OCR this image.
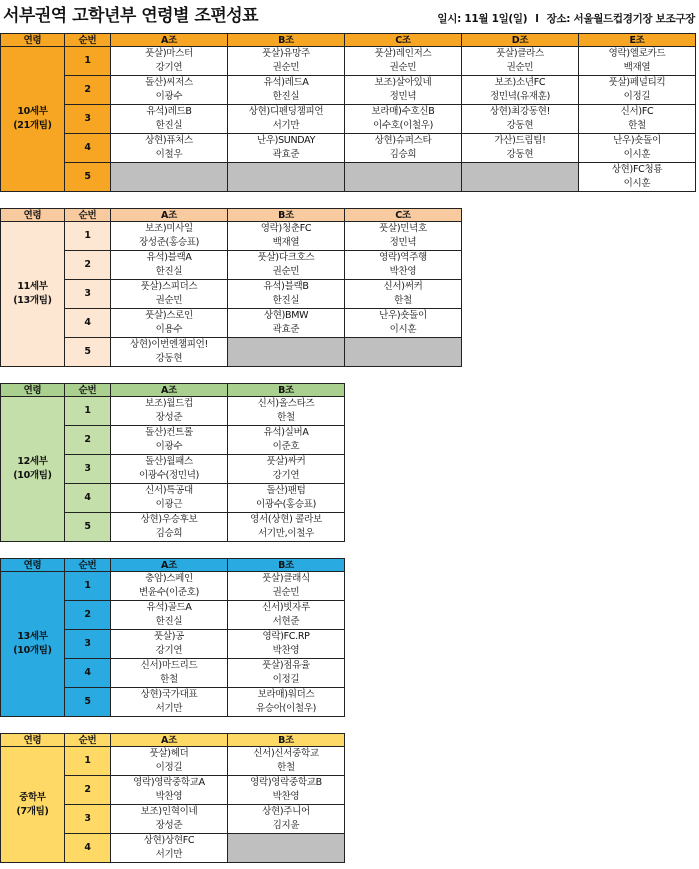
서부권역 고학년부 연령별 조편성표	일시: 11월 1일(일) l 장소: 서울월드컵경기장 보조구장
연령	순번	A조	B조	C조	D조	E조

10세부
(21개팀)	1	풋살)마스터	풋살)유망주	풋살)레인저스	풋살)클라스	영락)엘로카드
		강기연	권순민	권순민	권순민	백재열
	2	돌산)씨저스	유석)레드A	보조)살아있네	보조)소년FC	풋살)페널티킥
		이광수	한진실	정민녁	정민녁(유재훈)	이정길
	3	유석)레드B	상현)디펜딩챔피언	보라매)수호신B	상현)최강동현!	신서)FC
		한진실	서기만	이수호(이철우)	강동현	한철
	4	상현)퓨처스	난우)SUNDAY	상현)슈퍼스타	가산)드림팀!	난우)숏돌이
		이철우	곽효준	김승희	강동현	이시훈
	5					상현)FC청룡
						이시훈
연령	순번	A조	B조	C조

11세부
(13개팀)	1	보조)미사일	영락)청춘FC	풋살)민녁호
		장성준(홍승표)	백재열	정민녁
	2	유석)블랙A	풋살)다크호스	영락)역주행
		한진실	권순민	박찬영
	3	풋살)스피더스	유석)블랙B	신서)써커
		권순민	한진실	한철
	4	풋살)스로인	상현)BMW	난우)숏돌이
		이용수	곽효준	이시훈
	5	상현)이번엔챔피언!		
		강동현		
연령	순번	A조	B조

12세부
(10개팀)	1	보조)월드컵	신서)올스타즈
		장성준	한철
	2	돌산)컨트롤	유석)실버A
		이광수	이준호
	3	돌산)월패스	풋살)싸커
		이광수(정민녁)	강기연
	4	신서)특공대	돌산)팬텀
		이광근	이광수(홍승표)
	5	상현)우승후보	영서(상현) 콜라보
		김승희	서기만,이철우
연령	순번	A조	B조

13세부
(10개팀)	1	충암)스페인	풋살)클래식
		변윤수(이준호)	권순민
	2	유석)골드A	신서)빗자루
		한진실	서현준
	3	풋살)공	영락)FC.RP
		강기연	박찬영
	4	신서)마드리드	풋살)점유율
		한철	이정길
	5	상현)국가대표	보라매)워더스
		서기만	유승아(이철우)
연령	순번	A조	B조

중학부
(7개팀)	1	풋살)헤더	신서)신서중학교
		이정길	한철
	2	영락)영락중학교A	영락)영락중학교B
		박찬영	박찬영
	3	보조)인혁이네	상현)주니어
		장성준	김지윤
	4	상현)상현FC	
		서기만	
